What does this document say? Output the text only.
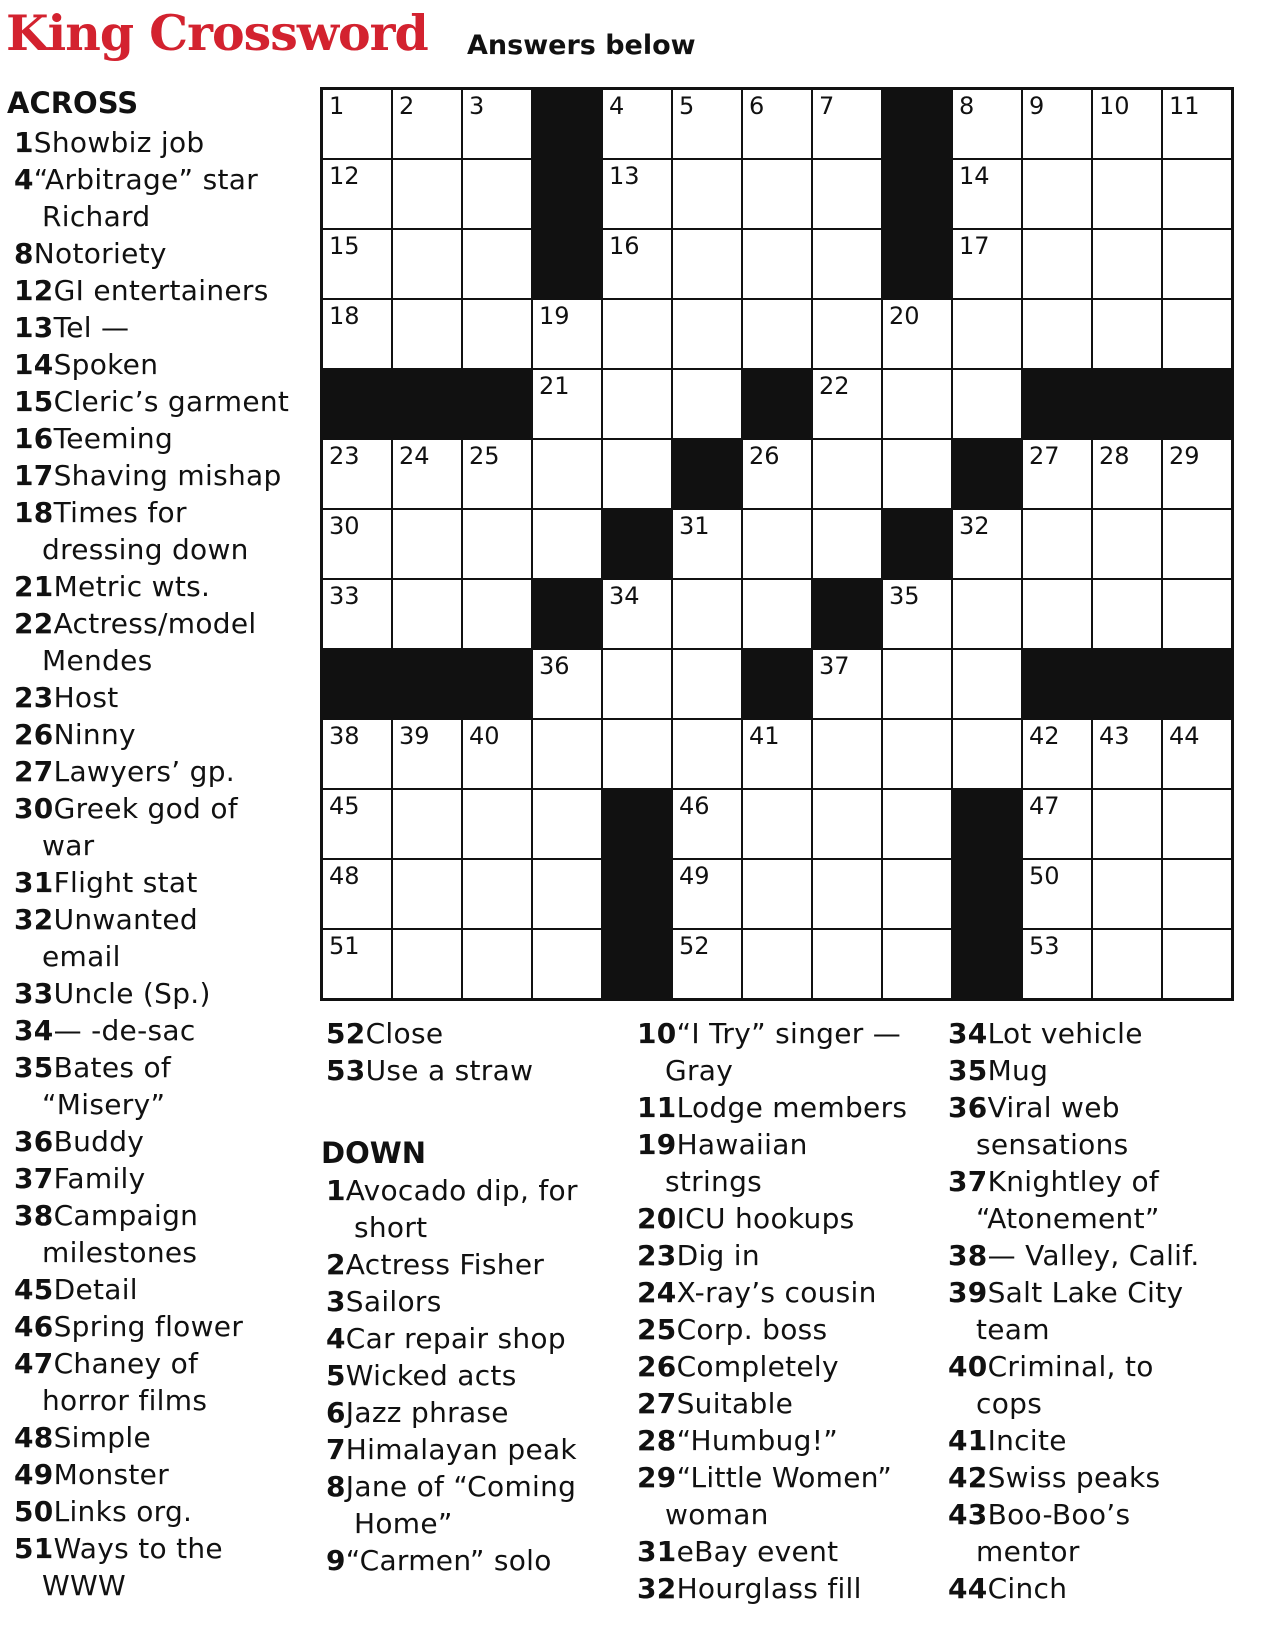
King Crossword Answers below
ACROSS
DOWN
1 2 3	4 5 6 7	8 9 10 11
12	13	14
15	16	17
18	19	20
21	22
23 24 25	26	27 28 29
30	31	32
33	34	35
36	37
38 39 40	41	42 43 44
45	46	47
48	49	50
51	52	53
1Showbiz job
4“Arbitrage” star
Richard
8Notoriety
12GI entertainers
13Tel —
14Spoken
15Cleric’s garment
16Teeming
17Shaving mishap
18Times for
dressing down
21Metric wts.
22Actress/model
Mendes
23Host
26Ninny
27Lawyers’ gp.
30Greek god of
war
31Flight stat
32Unwanted
email
33Uncle (Sp.)
34— -de-sac
35Bates of
“Misery”
36Buddy
37Family
38Campaign
milestones
45Detail
46Spring flower
47Chaney of
horror films
48Simple
49Monster
50Links org.
51Ways to the
WWW
52Close
53Use a straw
1Avocado dip, for
short
2Actress Fisher
3Sailors
4Car repair shop
5Wicked acts
6Jazz phrase
7Himalayan peak
8Jane of “Coming
Home”
9“Carmen” solo
10“I Try” singer —
Gray
11Lodge members
19Hawaiian
strings
20ICU hookups
23Dig in
24X-ray’s cousin
25Corp. boss
26Completely
27Suitable
28“Humbug!”
29“Little Women”
woman
31eBay event
32Hourglass fill
34Lot vehicle
35Mug
36Viral web
sensations
37Knightley of
“Atonement”
38— Valley, Calif.
39Salt Lake City
team
40Criminal, to
cops
41Incite
42Swiss peaks
43Boo-Boo’s
mentor
44Cinch
